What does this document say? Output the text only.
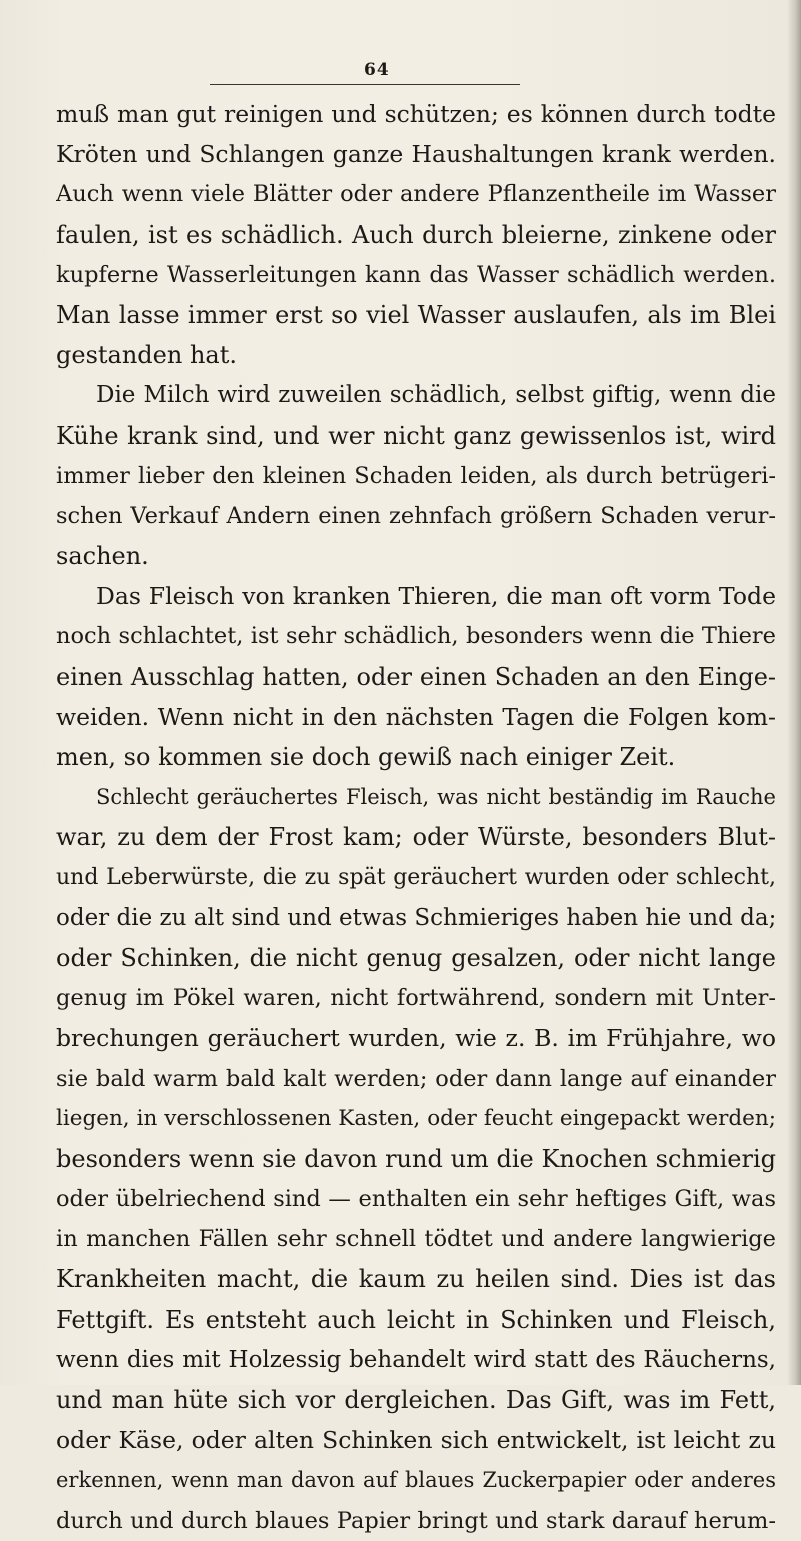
64
muß man gut reinigen und schützen; es können durch todte
Kröten und Schlangen ganze Haushaltungen krank werden.
Auch wenn viele Blätter oder andere Pflanzentheile im Wasser
faulen, ist es schädlich. Auch durch bleierne, zinkene oder
kupferne Wasserleitungen kann das Wasser schädlich werden.
Man lasse immer erst so viel Wasser auslaufen, als im Blei
gestanden hat.
Die Milch wird zuweilen schädlich, selbst giftig, wenn die
Kühe krank sind, und wer nicht ganz gewissenlos ist, wird
immer lieber den kleinen Schaden leiden, als durch betrügeri-
schen Verkauf Andern einen zehnfach größern Schaden verur-
sachen.
Das Fleisch von kranken Thieren, die man oft vorm Tode
noch schlachtet, ist sehr schädlich, besonders wenn die Thiere
einen Ausschlag hatten, oder einen Schaden an den Einge-
weiden. Wenn nicht in den nächsten Tagen die Folgen kom-
men, so kommen sie doch gewiß nach einiger Zeit.
Schlecht geräuchertes Fleisch, was nicht beständig im Rauche
war, zu dem der Frost kam; oder Würste, besonders Blut-
und Leberwürste, die zu spät geräuchert wurden oder schlecht,
oder die zu alt sind und etwas Schmieriges haben hie und da;
oder Schinken, die nicht genug gesalzen, oder nicht lange
genug im Pökel waren, nicht fortwährend, sondern mit Unter-
brechungen geräuchert wurden, wie z. B. im Frühjahre, wo
sie bald warm bald kalt werden; oder dann lange auf einander
liegen, in verschlossenen Kasten, oder feucht eingepackt werden;
besonders wenn sie davon rund um die Knochen schmierig
oder übelriechend sind — enthalten ein sehr heftiges Gift, was
in manchen Fällen sehr schnell tödtet und andere langwierige
Krankheiten macht, die kaum zu heilen sind. Dies ist das
Fettgift. Es entsteht auch leicht in Schinken und Fleisch,
wenn dies mit Holzessig behandelt wird statt des Räucherns,
und man hüte sich vor dergleichen. Das Gift, was im Fett,
oder Käse, oder alten Schinken sich entwickelt, ist leicht zu
erkennen, wenn man davon auf blaues Zuckerpapier oder anderes
durch und durch blaues Papier bringt und stark darauf herum-
